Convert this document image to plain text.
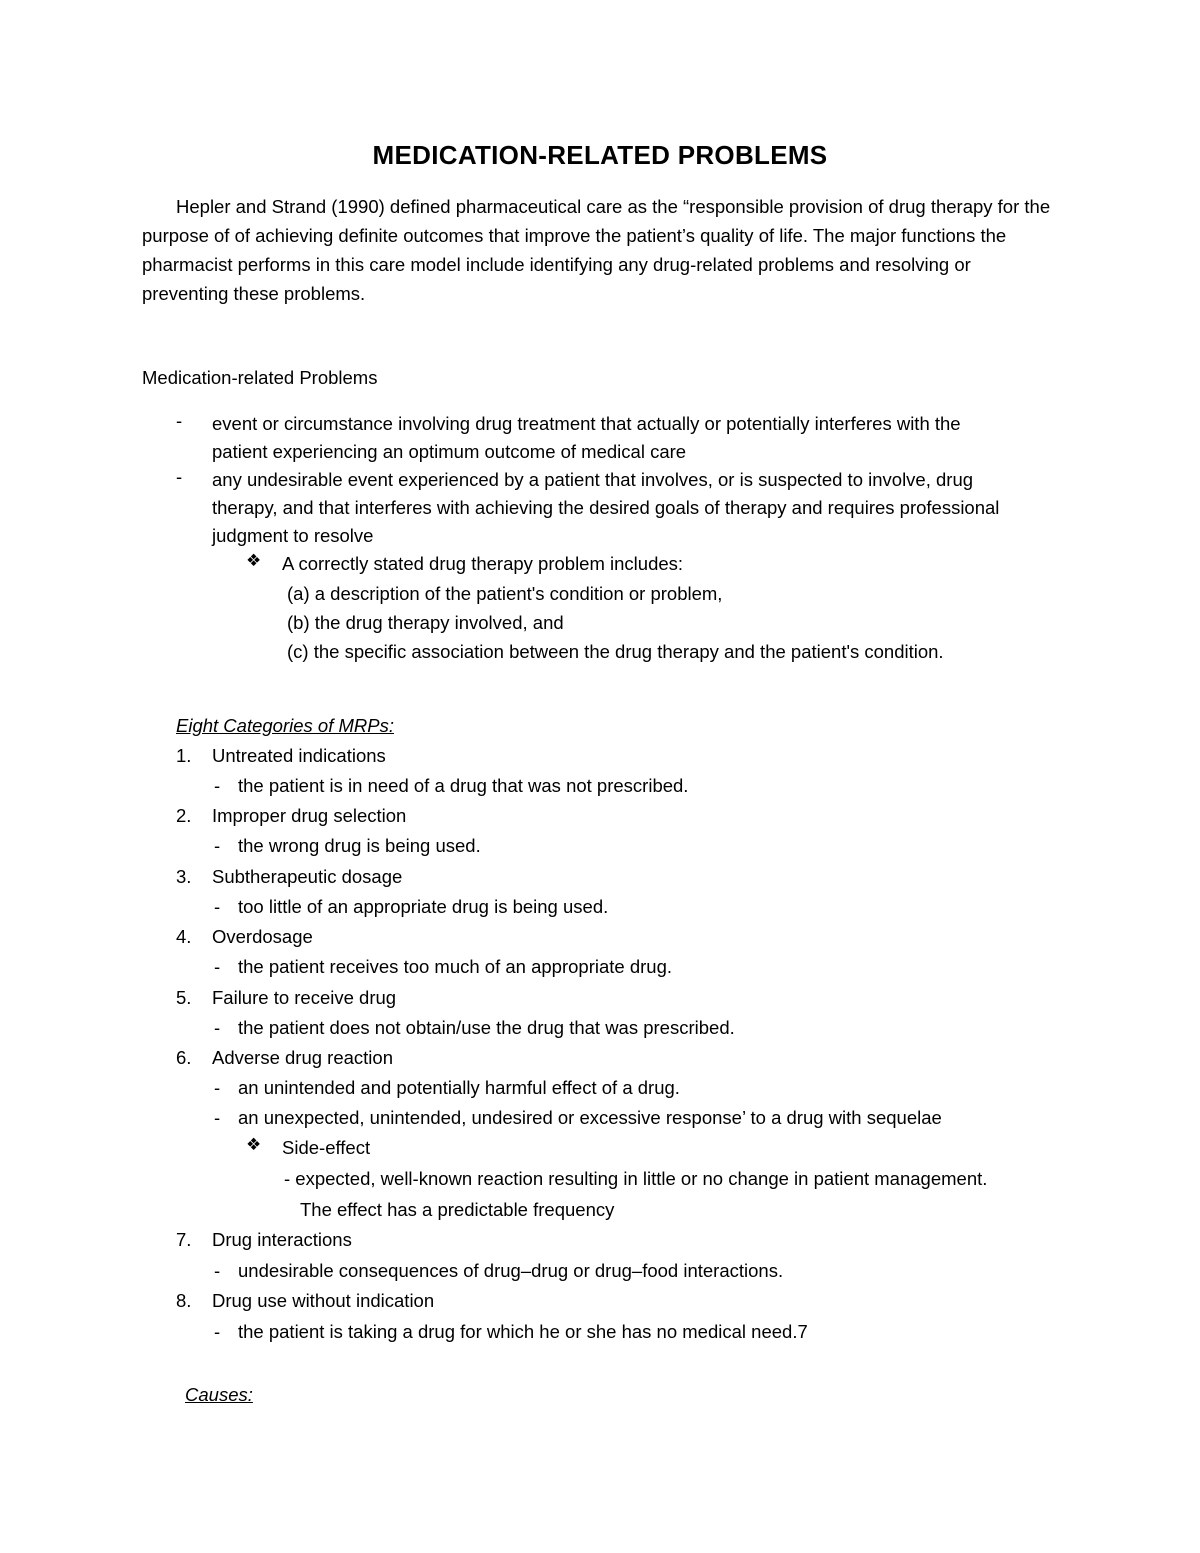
MEDICATION-RELATED PROBLEMS

Hepler and Strand (1990) defined pharmaceutical care as the “responsible provision of drug therapy for the purpose of of achieving definite outcomes that improve the patient’s quality of life. The major functions the pharmacist performs in this care model include identifying any drug-related problems and resolving or preventing these problems.

Medication-related Problems
- event or circumstance involving drug treatment that actually or potentially interferes with the
patient experiencing an optimum outcome of medical care
- any undesirable event experienced by a patient that involves, or is suspected to involve, drug
therapy, and that interferes with achieving the desired goals of therapy and requires professional
judgment to resolve
❖ A correctly stated drug therapy problem includes:
(a) a description of the patient's condition or problem,
(b) the drug therapy involved, and
(c) the specific association between the drug therapy and the patient's condition.
Eight Categories of MRPs:
1. Untreated indications
- the patient is in need of a drug that was not prescribed.
2. Improper drug selection
- the wrong drug is being used.
3. Subtherapeutic dosage
- too little of an appropriate drug is being used.
4. Overdosage
- the patient receives too much of an appropriate drug.
5. Failure to receive drug
- the patient does not obtain/use the drug that was prescribed.
6. Adverse drug reaction
- an unintended and potentially harmful effect of a drug.
- an unexpected, unintended, undesired or excessive response’ to a drug with sequelae
❖ Side-effect
- expected, well-known reaction resulting in little or no change in patient management.
The effect has a predictable frequency
7. Drug interactions
- undesirable consequences of drug–drug or drug–food interactions.
8. Drug use without indication
- the patient is taking a drug for which he or she has no medical need.7
Causes:
